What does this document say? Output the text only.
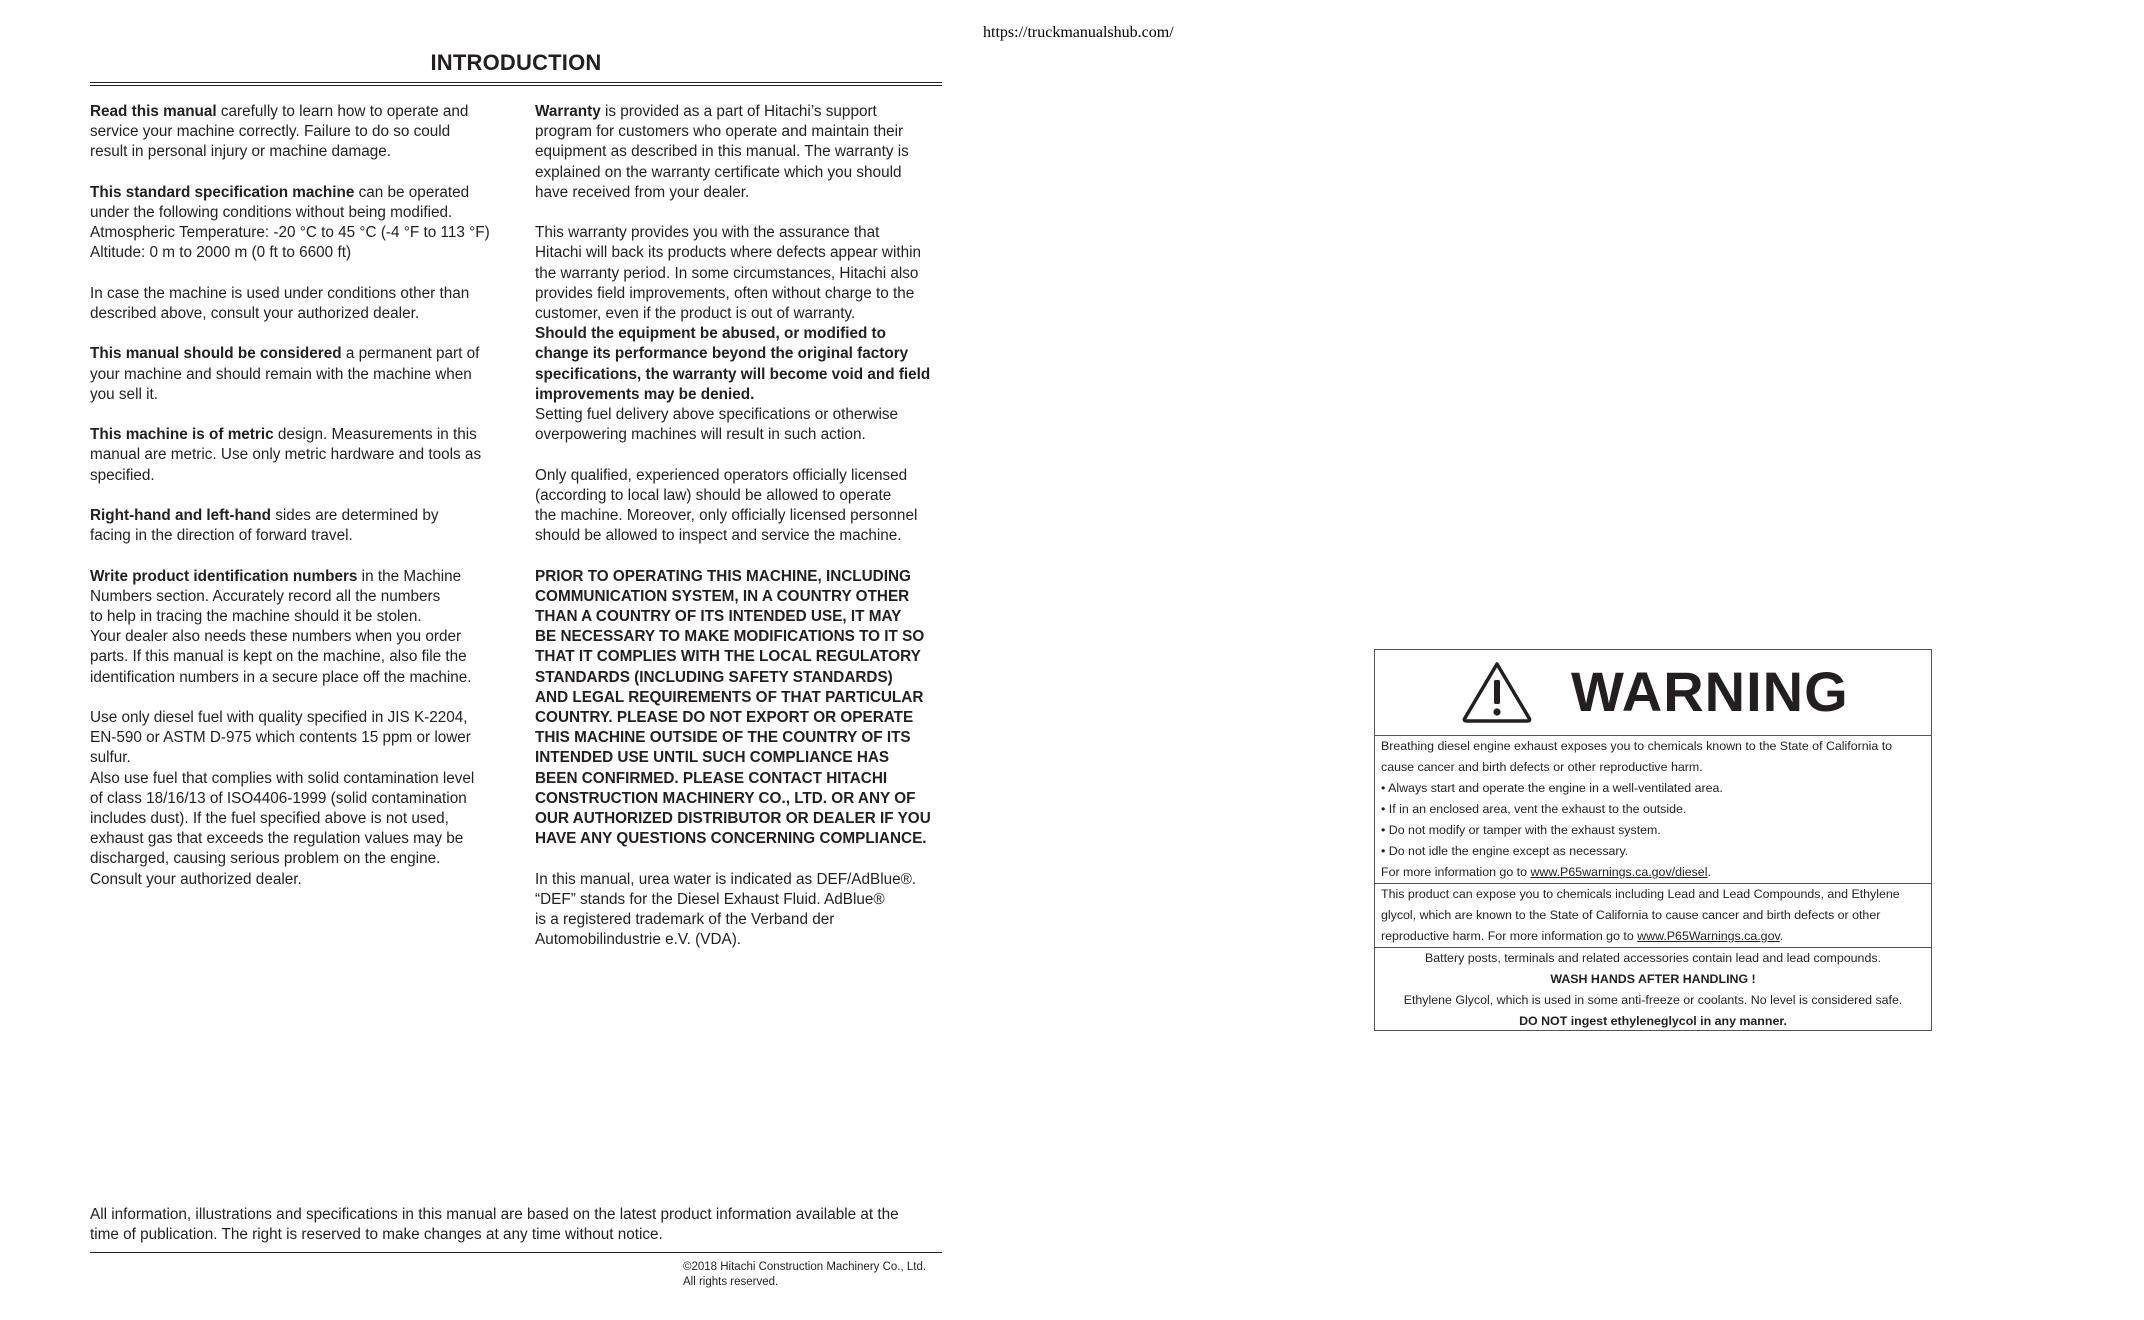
https://truckmanualshub.com/
INTRODUCTION

Read this manual carefully to learn how to operate and
service your machine correctly. Failure to do so could
result in personal injury or machine damage.

This standard specification machine can be operated
under the following conditions without being modified.
Atmospheric Temperature: -20 °C to 45 °C (-4 °F to 113 °F)
Altitude: 0 m to 2000 m (0 ft to 6600 ft)

In case the machine is used under conditions other than
described above, consult your authorized dealer.

This manual should be considered a permanent part of
your machine and should remain with the machine when
you sell it.

This machine is of metric design. Measurements in this
manual are metric. Use only metric hardware and tools as
specified.

Right-hand and left-hand sides are determined by
facing in the direction of forward travel.

Write product identification numbers in the Machine
Numbers section. Accurately record all the numbers
to help in tracing the machine should it be stolen.
Your dealer also needs these numbers when you order
parts. If this manual is kept on the machine, also file the
identification numbers in a secure place off the machine.

Use only diesel fuel with quality specified in JIS K-2204,
EN-590 or ASTM D-975 which contents 15 ppm or lower
sulfur.
Also use fuel that complies with solid contamination level
of class 18/16/13 of ISO4406-1999 (solid contamination
includes dust). If the fuel specified above is not used,
exhaust gas that exceeds the regulation values may be
discharged, causing serious problem on the engine.
Consult your authorized dealer.

Warranty is provided as a part of Hitachi’s support
program for customers who operate and maintain their
equipment as described in this manual. The warranty is
explained on the warranty certificate which you should
have received from your dealer.

This warranty provides you with the assurance that
Hitachi will back its products where defects appear within
the warranty period. In some circumstances, Hitachi also
provides field improvements, often without charge to the
customer, even if the product is out of warranty.
Should the equipment be abused, or modified to
change its performance beyond the original factory
specifications, the warranty will become void and field
improvements may be denied.
Setting fuel delivery above specifications or otherwise
overpowering machines will result in such action.

Only qualified, experienced operators officially licensed
(according to local law) should be allowed to operate
the machine. Moreover, only officially licensed personnel
should be allowed to inspect and service the machine.

PRIOR TO OPERATING THIS MACHINE, INCLUDING
COMMUNICATION SYSTEM, IN A COUNTRY OTHER
THAN A COUNTRY OF ITS INTENDED USE, IT MAY
BE NECESSARY TO MAKE MODIFICATIONS TO IT SO
THAT IT COMPLIES WITH THE LOCAL REGULATORY
STANDARDS (INCLUDING SAFETY STANDARDS)
AND LEGAL REQUIREMENTS OF THAT PARTICULAR
COUNTRY. PLEASE DO NOT EXPORT OR OPERATE
THIS MACHINE OUTSIDE OF THE COUNTRY OF ITS
INTENDED USE UNTIL SUCH COMPLIANCE HAS
BEEN CONFIRMED. PLEASE CONTACT HITACHI
CONSTRUCTION MACHINERY CO., LTD. OR ANY OF
OUR AUTHORIZED DISTRIBUTOR OR DEALER IF YOU
HAVE ANY QUESTIONS CONCERNING COMPLIANCE.

In this manual, urea water is indicated as DEF/AdBlue®.
“DEF” stands for the Diesel Exhaust Fluid. AdBlue®
is a registered trademark of the Verband der
Automobilindustrie e.V. (VDA).

All information, illustrations and specifications in this manual are based on the latest product information available at the
time of publication. The right is reserved to make changes at any time without notice.
©2018 Hitachi Construction Machinery Co., Ltd.
All rights reserved.
WARNING
Breathing diesel engine exhaust exposes you to chemicals known to the State of California to
cause cancer and birth defects or other reproductive harm.
• Always start and operate the engine in a well-ventilated area.
• If in an enclosed area, vent the exhaust to the outside.
• Do not modify or tamper with the exhaust system.
• Do not idle the engine except as necessary.
For more information go to www.P65warnings.ca.gov/diesel.
This product can expose you to chemicals including Lead and Lead Compounds, and Ethylene
glycol, which are known to the State of California to cause cancer and birth defects or other
reproductive harm. For more information go to www.P65Warnings.ca.gov.
Battery posts, terminals and related accessories contain lead and lead compounds.
WASH HANDS AFTER HANDLING !
Ethylene Glycol, which is used in some anti-freeze or coolants. No level is considered safe.
DO NOT ingest ethyleneglycol in any manner.
